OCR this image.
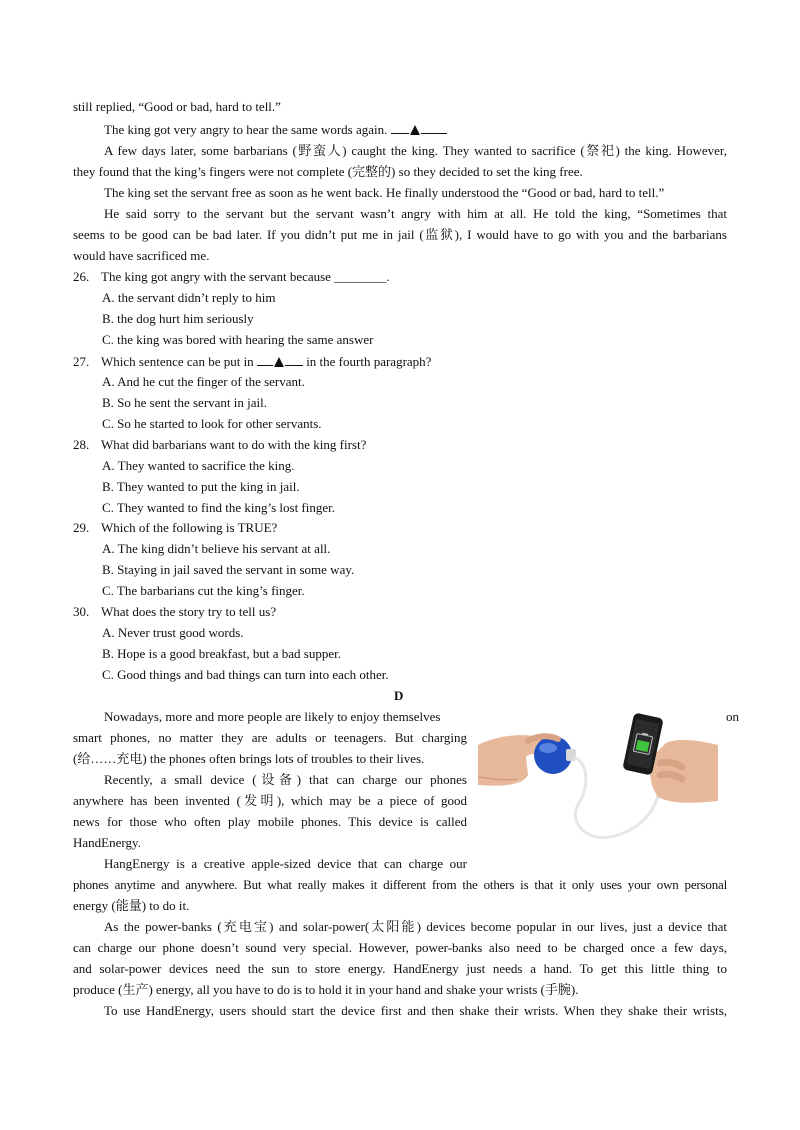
still replied, “Good or bad, hard to tell.”
The king got very angry to hear the same words again.
A few days later, some barbarians (野蛮人) caught the king. They wanted to sacrifice (祭祀) the king. However,
they found that the king’s fingers were not complete (完整的) so they decided to set the king free.
The king set the servant free as soon as he went back. He finally understood the “Good or bad, hard to tell.”
He said sorry to the servant but the servant wasn’t angry with him at all. He told the king, “Sometimes that
seems to be good can be bad later. If you didn’t put me in jail (监狱), I would have to go with you and the barbarians
would have sacrificed me.
26. The king got angry with the servant because ________.
A. the servant didn’t reply to him
B. the dog hurt him seriously
C. the king was bored with hearing the same answer
27. Which sentence can be put in	in the fourth paragraph?
A. And he cut the finger of the servant.
B. So he sent the servant in jail.
C. So he started to look for other servants.
28. What did barbarians want to do with the king first?
A. They wanted to sacrifice the king.
B. They wanted to put the king in jail.
C. They wanted to find the king’s lost finger.
29. Which of the following is TRUE?
A. The king didn’t believe his servant at all.
B. Staying in jail saved the servant in some way.
C. The barbarians cut the king’s finger.
30. What does the story try to tell us?
A. Never trust good words.
B. Hope is a good breakfast, but a bad supper.
C. Good things and bad things can turn into each other.
D
Nowadays, more and more people are likely to enjoy themselves	on
smart phones, no matter they are adults or teenagers. But charging
(给……充电) the phones often brings lots of troubles to their lives.
Recently, a small device (设备) that can charge our phones
anywhere has been invented (发明), which may be a piece of good
news for those who often play mobile phones. This device is called
HandEnergy.
HangEnergy is a creative apple-sized device that can charge our
phones anytime and anywhere. But what really makes it different from the others is that it only uses your own personal
energy (能量) to do it.
As the power-banks (充电宝) and solar-power(太阳能) devices become popular in our lives, just a device that
can charge our phone doesn’t sound very special. However, power-banks also need to be charged once a few days,
and solar-power devices need the sun to store energy. HandEnergy just needs a hand. To get this little thing to
produce (生产) energy, all you have to do is to hold it in your hand and shake your wrists (手腕).
To use HandEnergy, users should start the device first and then shake their wrists. When they shake their wrists,
